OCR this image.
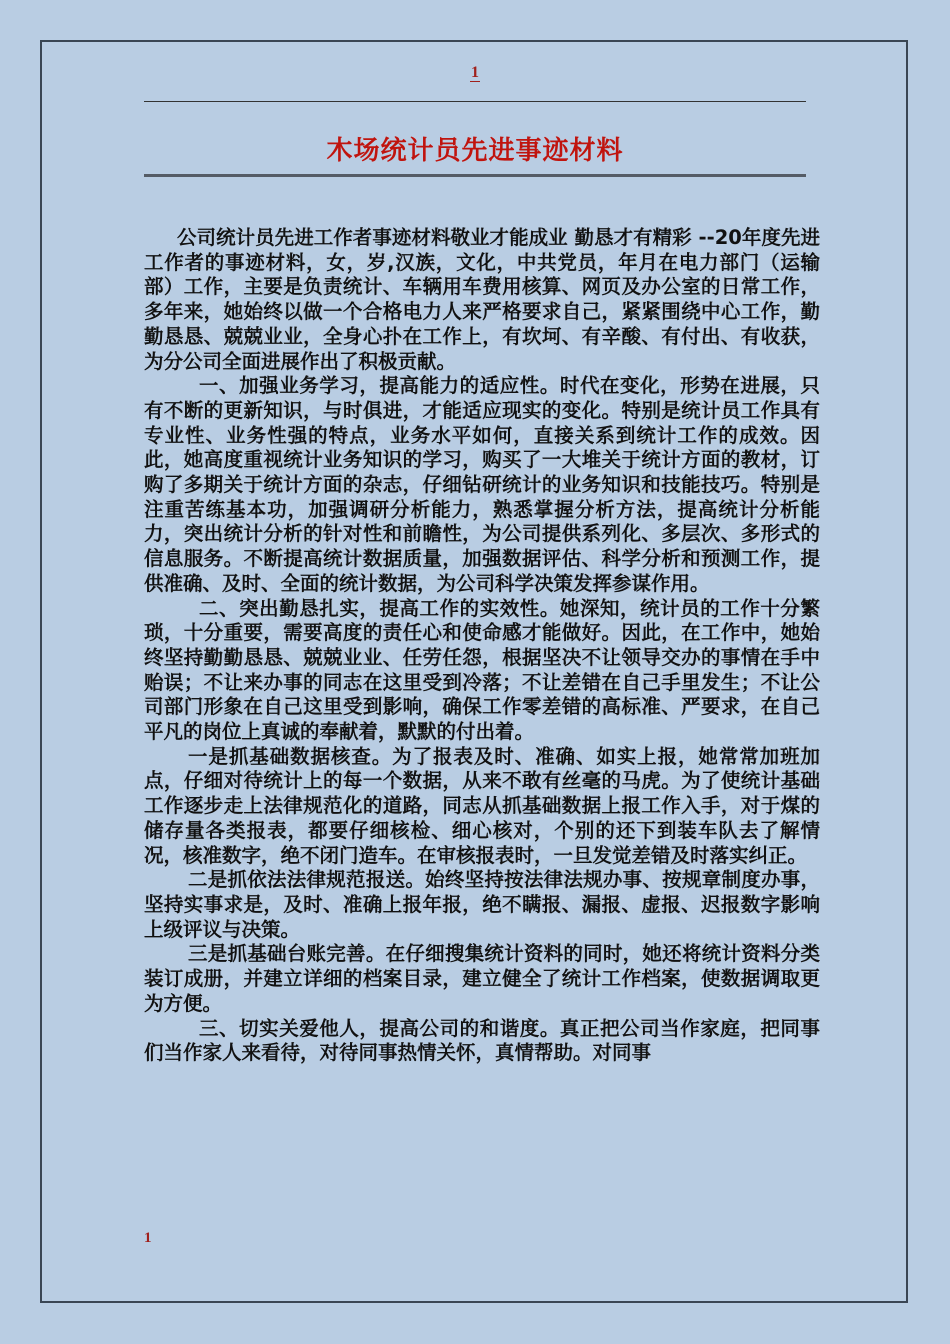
1
木场统计员先进事迹材料

公司统计员先进工作者事迹材料敬业才能成业 勤恳才有精彩 --20年度先进工作者的事迹材料，女，岁,汉族，文化，中共党员，年月在电力部门（运输部）工作，主要是负责统计、车辆用车费用核算、网页及办公室的日常工作，多年来，她始终以做一个合格电力人来严格要求自己，紧紧围绕中心工作，勤勤恳恳、兢兢业业，全身心扑在工作上，有坎坷、有辛酸、有付出、有收获，为分公司全面进展作出了积极贡献。

一、加强业务学习，提高能力的适应性。时代在变化，形势在进展，只有不断的更新知识，与时俱进，才能适应现实的变化。特别是统计员工作具有专业性、业务性强的特点，业务水平如何，直接关系到统计工作的成效。因此，她高度重视统计业务知识的学习，购买了一大堆关于统计方面的教材，订购了多期关于统计方面的杂志，仔细钻研统计的业务知识和技能技巧。特别是注重苦练基本功，加强调研分析能力，熟悉掌握分析方法，提高统计分析能力，突出统计分析的针对性和前瞻性，为公司提供系列化、多层次、多形式的信息服务。不断提高统计数据质量，加强数据评估、科学分析和预测工作，提供准确、及时、全面的统计数据，为公司科学决策发挥参谋作用。

二、突出勤恳扎实，提高工作的实效性。她深知，统计员的工作十分繁琐，十分重要，需要高度的责任心和使命感才能做好。因此，在工作中，她始终坚持勤勤恳恳、兢兢业业、任劳任怨，根据坚决不让领导交办的事情在手中贻误；不让来办事的同志在这里受到冷落；不让差错在自己手里发生；不让公司部门形象在自己这里受到影响，确保工作零差错的高标准、严要求，在自己平凡的岗位上真诚的奉献着，默默的付出着。

一是抓基础数据核查。为了报表及时、准确、如实上报，她常常加班加点，仔细对待统计上的每一个数据，从来不敢有丝毫的马虎。为了使统计基础工作逐步走上法律规范化的道路，同志从抓基础数据上报工作入手，对于煤的储存量各类报表，都要仔细核检、细心核对，个别的还下到装车队去了解情况，核准数字，绝不闭门造车。在审核报表时，一旦发觉差错及时落实纠正。

二是抓依法法律规范报送。始终坚持按法律法规办事、按规章制度办事，坚持实事求是，及时、准确上报年报，绝不瞒报、漏报、虚报、迟报数字影响上级评议与决策。

三是抓基础台账完善。在仔细搜集统计资料的同时，她还将统计资料分类装订成册，并建立详细的档案目录，建立健全了统计工作档案，使数据调取更为方便。

三、切实关爱他人，提高公司的和谐度。真正把公司当作家庭，把同事们当作家人来看待，对待同事热情关怀，真情帮助。对同事

1
